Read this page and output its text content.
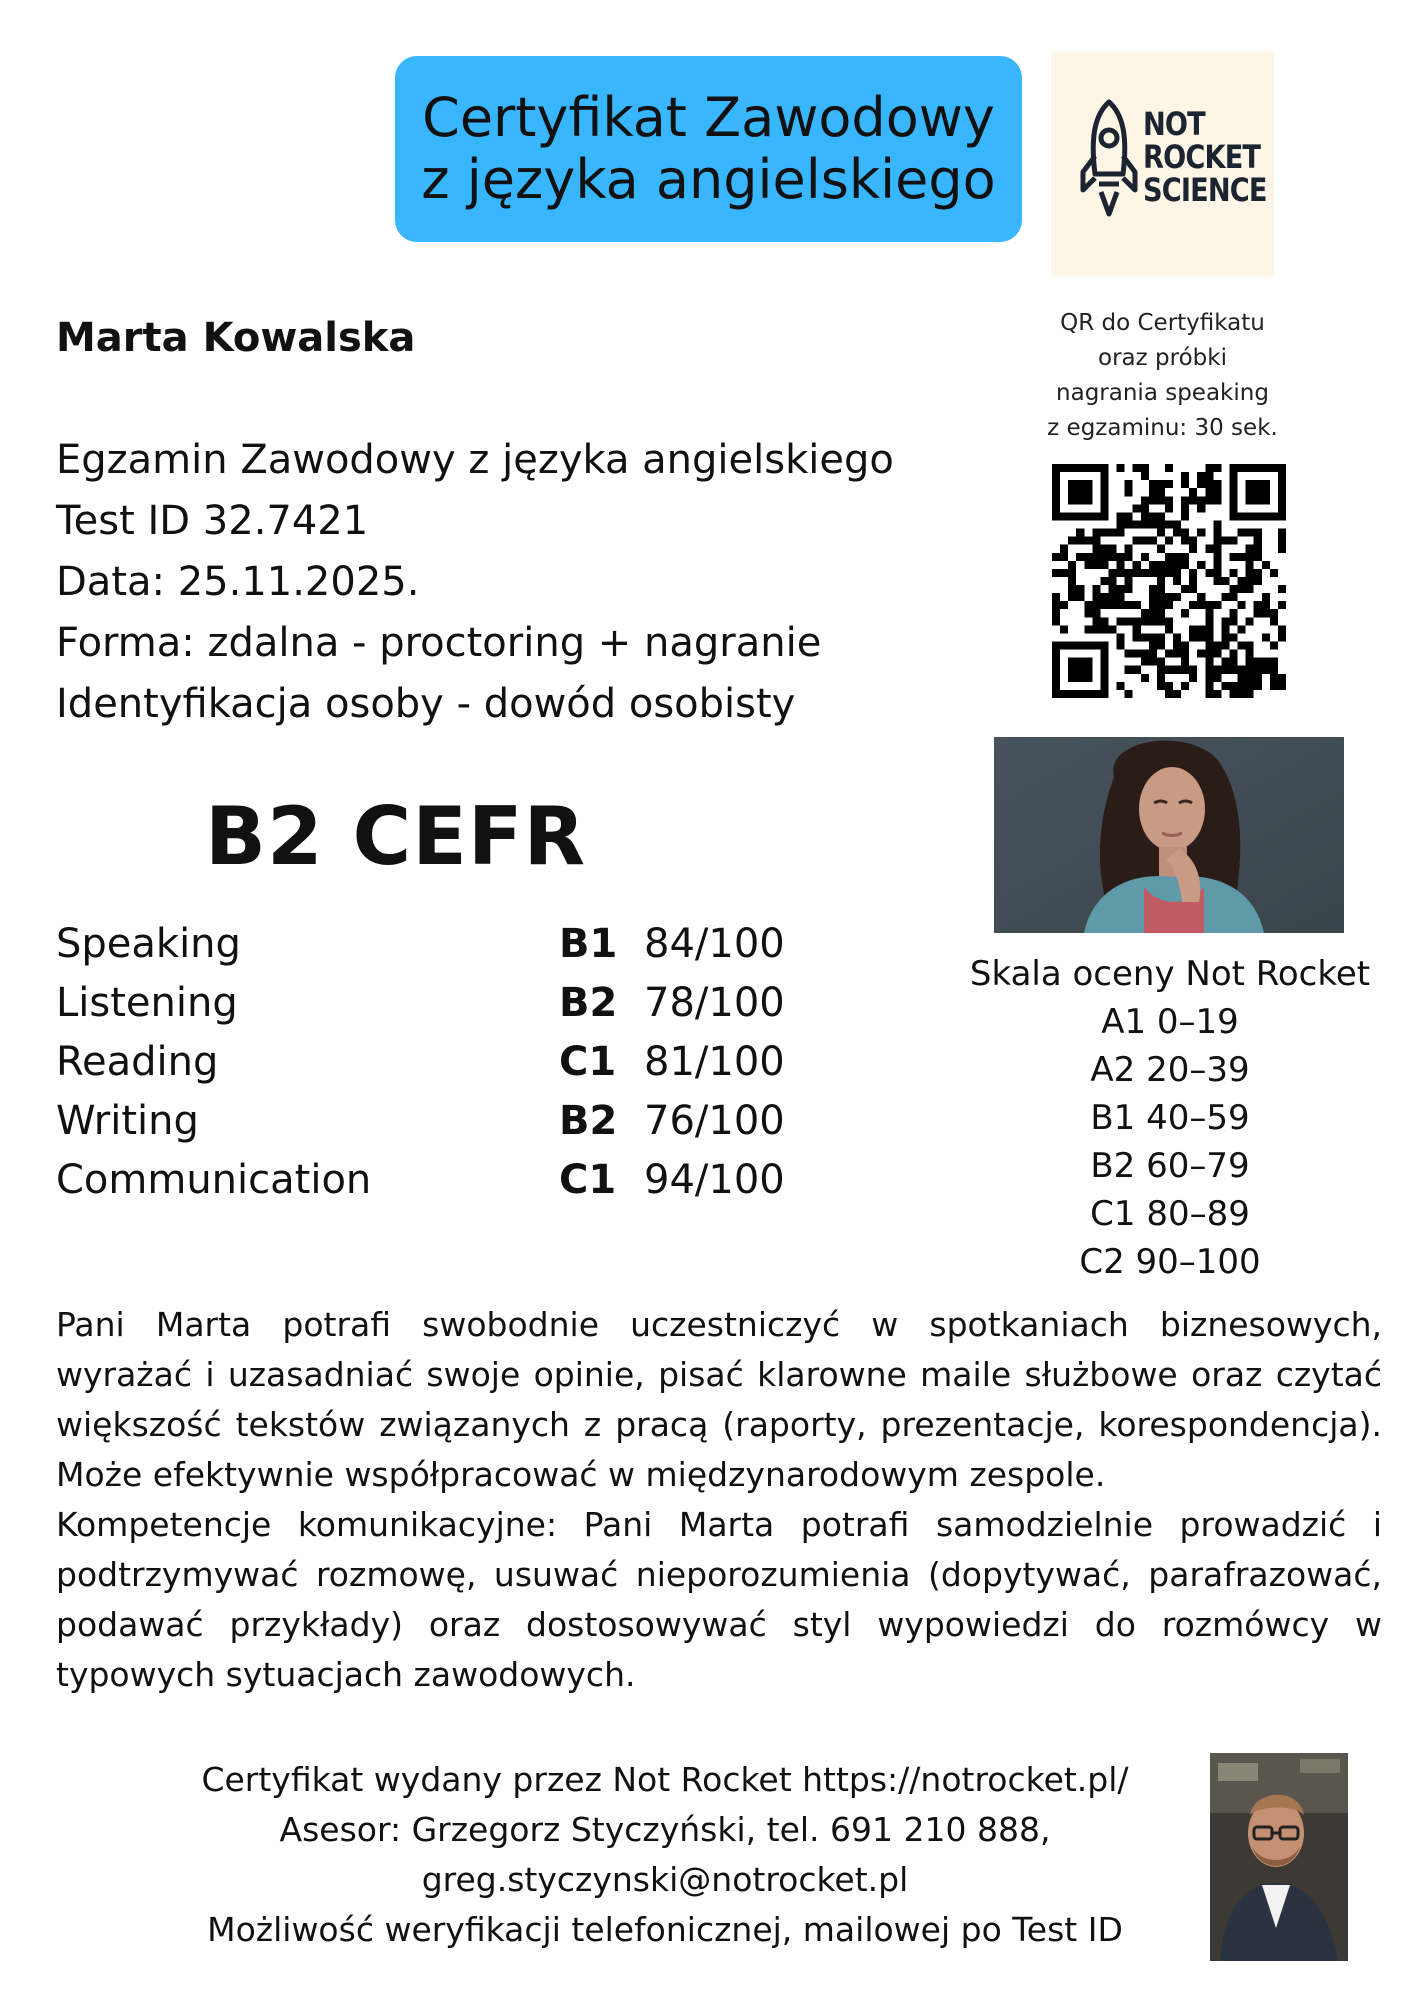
Certyfikat Zawodowy
z języka angielskiego
NOT
ROCKET
SCIENCE
QR do Certyfikatu
oraz próbki
nagrania speaking
z egzaminu: 30 sek.
Skala oceny Not Rocket
A1 0–19
A2 20–39
B1 40–59
B2 60–79
C1 80–89
C2 90–100
Marta Kowalska
Egzamin Zawodowy z języka angielskiego
Test ID 32.7421
Data: 25.11.2025.
Forma: zdalna - proctoring + nagranie
Identyfikacja osoby - dowód osobisty
B2 CEFR
Speaking	B1 84/100
Listening	B2 78/100
Reading	C1 81/100
Writing	B2 76/100
Communication	C1 94/100

Pani Marta potrafi swobodnie uczestniczyć w spotkaniach biznesowych, wyrażać i uzasadniać swoje opinie, pisać klarowne maile służbowe oraz czytać większość tekstów związanych z pracą (raporty, prezentacje, korespondencja). Może efektywnie współpracować w międzynarodowym zespole.

Kompetencje komunikacyjne: Pani Marta potrafi samodzielnie prowadzić i podtrzymywać rozmowę, usuwać nieporozumienia (dopytywać, parafrazować, podawać przykłady) oraz dostosowywać styl wypowiedzi do rozmówcy w typowych sytuacjach zawodowych.

Certyfikat wydany przez Not Rocket https://notrocket.pl/
Asesor: Grzegorz Styczyński, tel. 691 210 888,
greg.styczynski@notrocket.pl
Możliwość weryfikacji telefonicznej, mailowej po Test ID
